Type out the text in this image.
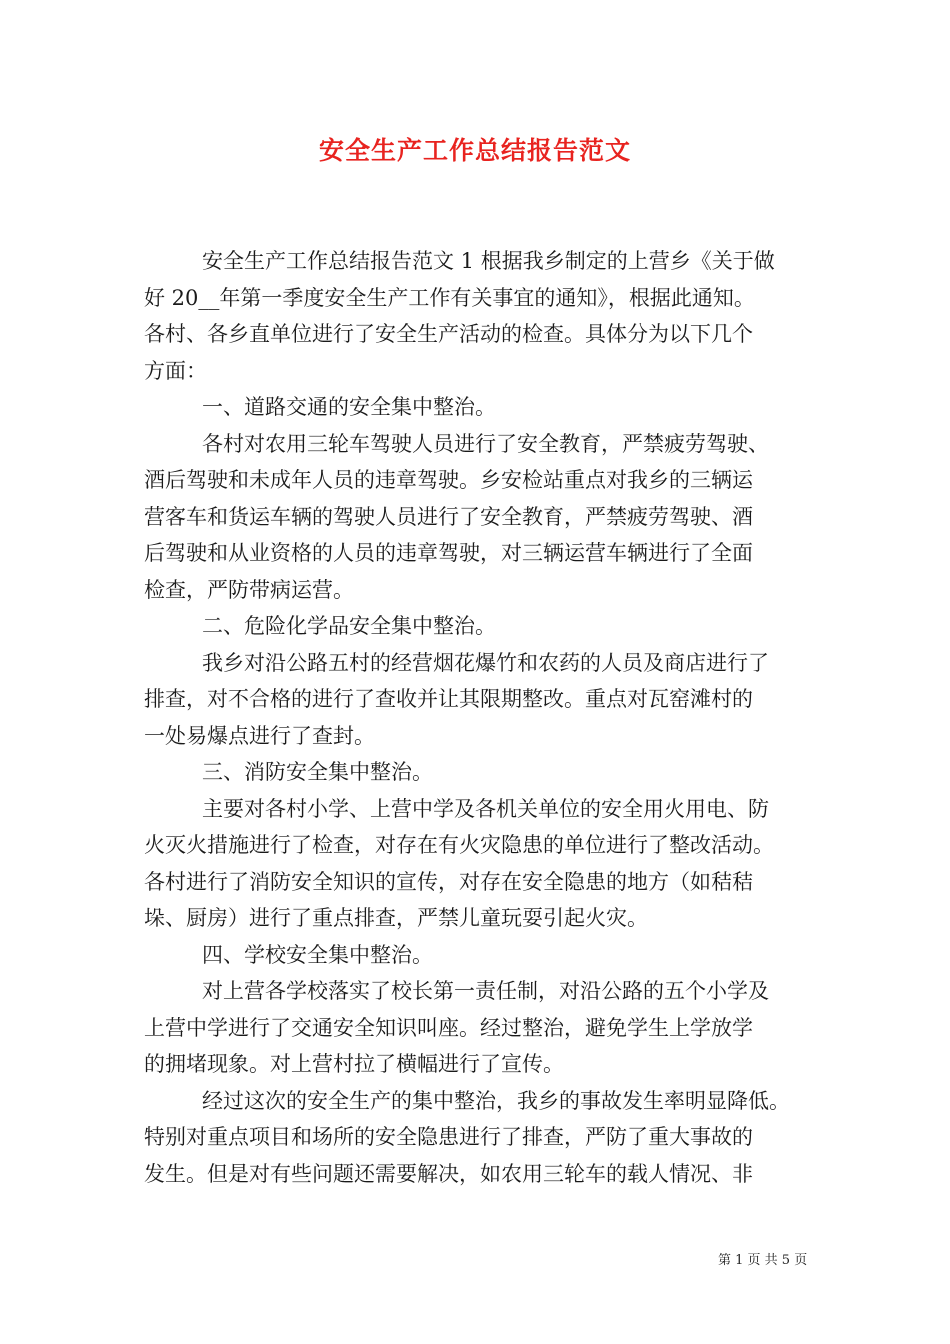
安全生产工作总结报告范文
安全生产工作总结报告范文 1 根据我乡制定的上营乡《关于做
好 20__年第一季度安全生产工作有关事宜的通知》，根据此通知。
各村、各乡直单位进行了安全生产活动的检查。具体分为以下几个
方面：
一、道路交通的安全集中整治。
各村对农用三轮车驾驶人员进行了安全教育，严禁疲劳驾驶、
酒后驾驶和未成年人员的违章驾驶。乡安检站重点对我乡的三辆运
营客车和货运车辆的驾驶人员进行了安全教育，严禁疲劳驾驶、酒
后驾驶和从业资格的人员的违章驾驶，对三辆运营车辆进行了全面
检查，严防带病运营。
二、危险化学品安全集中整治。
我乡对沿公路五村的经营烟花爆竹和农药的人员及商店进行了
排查，对不合格的进行了查收并让其限期整改。重点对瓦窑滩村的
一处易爆点进行了查封。
三、消防安全集中整治。
主要对各村小学、上营中学及各机关单位的安全用火用电、防
火灭火措施进行了检查，对存在有火灾隐患的单位进行了整改活动。
各村进行了消防安全知识的宣传，对存在安全隐患的地方（如秸秸
垛、厨房）进行了重点排查，严禁儿童玩耍引起火灾。
四、学校安全集中整治。
对上营各学校落实了校长第一责任制，对沿公路的五个小学及
上营中学进行了交通安全知识叫座。经过整治，避免学生上学放学
的拥堵现象。对上营村拉了横幅进行了宣传。
经过这次的安全生产的集中整治，我乡的事故发生率明显降低。
特别对重点项目和场所的安全隐患进行了排查，严防了重大事故的
发生。但是对有些问题还需要解决，如农用三轮车的载人情况、非
第 1 页 共 5 页
